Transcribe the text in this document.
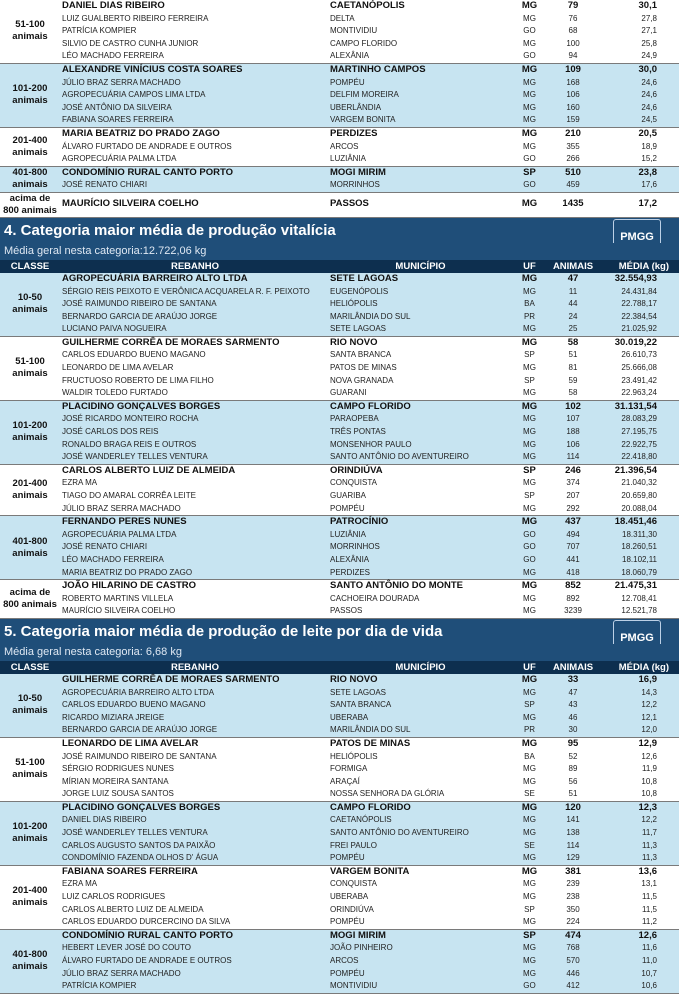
51-100
animais
DANIEL DIAS RIBEIRO	CAETANÓPOLIS	MG	79	30,1
LUIZ GUALBERTO RIBEIRO FERREIRA	DELTA	MG	76	27,8
PATRÍCIA KOMPIER	MONTIVIDIU	GO	68	27,1
SILVIO DE CASTRO CUNHA JUNIOR	CAMPO FLORIDO	MG	100	25,8
LÉO MACHADO FERREIRA	ALEXÂNIA	GO	94	24,9
101-200
animais
ALEXANDRE VINÍCIUS COSTA SOARES	MARTINHO CAMPOS	MG	109	30,0
JÚLIO BRAZ SERRA MACHADO	POMPÉU	MG	168	24,6
AGROPECUÁRIA CAMPOS LIMA LTDA	DELFIM MOREIRA	MG	106	24,6
JOSÉ ANTÔNIO DA SILVEIRA	UBERLÂNDIA	MG	160	24,6
FABIANA SOARES FERREIRA	VARGEM BONITA	MG	159	24,5
201-400
animais
MARIA BEATRIZ DO PRADO ZAGO	PERDIZES	MG	210	20,5
ÁLVARO FURTADO DE ANDRADE E OUTROS	ARCOS	MG	355	18,9
AGROPECUÁRIA PALMA LTDA	LUZIÂNIA	GO	266	15,2
401-800
animais
CONDOMÍNIO RURAL CANTO PORTO	MOGI MIRIM	SP	510	23,8
JOSÉ RENATO CHIARI	MORRINHOS	GO	459	17,6
acima de
800 animais
MAURÍCIO SILVEIRA COELHO	PASSOS	MG	1435	17,2
4. Categoria maior média de produção vitalícia	PMGG
Média geral nesta categoria:12.722,06 kg
CLASSE	REBANHO	MUNICÍPIO	UF	ANIMAIS	MÉDIA (kg)
10-50
animais
AGROPECUÁRIA BARREIRO ALTO LTDA	SETE LAGOAS	MG	47	32.554,93
SÉRGIO REIS PEIXOTO E VERÔNICA ACQUARELA R. F. PEIXOTO	EUGENÓPOLIS	MG	11	24.431,84
JOSÉ RAIMUNDO RIBEIRO DE SANTANA	HELIÓPOLIS	BA	44	22.788,17
BERNARDO GARCIA DE ARAÚJO JORGE	MARILÂNDIA DO SUL	PR	24	22.384,54
LUCIANO PAIVA NOGUEIRA	SETE LAGOAS	MG	25	21.025,92
51-100
animais
GUILHERME CORRÊA DE MORAES SARMENTO	RIO NOVO	MG	58	30.019,22
CARLOS EDUARDO BUENO MAGANO	SANTA BRANCA	SP	51	26.610,73
LEONARDO DE LIMA AVELAR	PATOS DE MINAS	MG	81	25.666,08
FRUCTUOSO ROBERTO DE LIMA FILHO	NOVA GRANADA	SP	59	23.491,42
WALDIR TOLEDO FURTADO	GUARANI	MG	58	22.963,24
101-200
animais
PLACIDINO GONÇALVES BORGES	CAMPO FLORIDO	MG	102	31.131,54
JOSÉ RICARDO MONTEIRO ROCHA	PARAOPEBA	MG	107	28.083,29
JOSÉ CARLOS DOS REIS	TRÊS PONTAS	MG	188	27.195,75
RONALDO BRAGA REIS E OUTROS	MONSENHOR PAULO	MG	106	22.922,75
JOSÉ WANDERLEY TELLES VENTURA	SANTO ANTÔNIO DO AVENTUREIRO	MG	114	22.418,80
201-400
animais
CARLOS ALBERTO LUIZ DE ALMEIDA	ORINDIÚVA	SP	246	21.396,54
EZRA MA	CONQUISTA	MG	374	21.040,32
TIAGO DO AMARAL CORRÊA LEITE	GUARIBA	SP	207	20.659,80
JÚLIO BRAZ SERRA MACHADO	POMPÉU	MG	292	20.088,04
401-800
animais
FERNANDO PERES NUNES	PATROCÍNIO	MG	437	18.451,46
AGROPECUÁRIA PALMA LTDA	LUZIÂNIA	GO	494	18.311,30
JOSÉ RENATO CHIARI	MORRINHOS	GO	707	18.260,51
LÉO MACHADO FERREIRA	ALEXÂNIA	GO	441	18.102,11
MARIA BEATRIZ DO PRADO ZAGO	PERDIZES	MG	418	18.060,79
acima de
800 animais
JOÃO HILARINO DE CASTRO	SANTO ANTÔNIO DO MONTE	MG	852	21.475,31
ROBERTO MARTINS VILLELA	CACHOEIRA DOURADA	MG	892	12.708,41
MAURÍCIO SILVEIRA COELHO	PASSOS	MG	3239	12.521,78
5. Categoria maior média de produção de leite por dia de vida	PMGG
Média geral nesta categoria: 6,68 kg
CLASSE	REBANHO	MUNICÍPIO	UF	ANIMAIS	MÉDIA (kg)
10-50
animais
GUILHERME CORRÊA DE MORAES SARMENTO	RIO NOVO	MG	33	16,9
AGROPECUÁRIA BARREIRO ALTO LTDA	SETE LAGOAS	MG	47	14,3
CARLOS EDUARDO BUENO MAGANO	SANTA BRANCA	SP	43	12,2
RICARDO MIZIARA JREIGE	UBERABA	MG	46	12,1
BERNARDO GARCIA DE ARAÚJO JORGE	MARILÂNDIA DO SUL	PR	30	12,0
51-100
animais
LEONARDO DE LIMA AVELAR	PATOS DE MINAS	MG	95	12,9
JOSÉ RAIMUNDO RIBEIRO DE SANTANA	HELIÓPOLIS	BA	52	12,6
SÉRGIO RODRIGUES NUNES	FORMIGA	MG	89	11,9
MÍRIAN MOREIRA SANTANA	ARAÇAÍ	MG	56	10,8
JORGE LUIZ SOUSA SANTOS	NOSSA SENHORA DA GLÓRIA	SE	51	10,8
101-200
animais
PLACIDINO GONÇALVES BORGES	CAMPO FLORIDO	MG	120	12,3
DANIEL DIAS RIBEIRO	CAETANÓPOLIS	MG	141	12,2
JOSÉ WANDERLEY TELLES VENTURA	SANTO ANTÔNIO DO AVENTUREIRO	MG	138	11,7
CARLOS AUGUSTO SANTOS DA PAIXÃO	FREI PAULO	SE	114	11,3
CONDOMÍNIO FAZENDA OLHOS D' ÁGUA	POMPÉU	MG	129	11,3
201-400
animais
FABIANA SOARES FERREIRA	VARGEM BONITA	MG	381	13,6
EZRA MA	CONQUISTA	MG	239	13,1
LUIZ CARLOS RODRIGUES	UBERABA	MG	238	11,5
CARLOS ALBERTO LUIZ DE ALMEIDA	ORINDIÚVA	SP	350	11,5
CARLOS EDUARDO DURCERCINO DA SILVA	POMPÉU	MG	224	11,2
401-800
animais
CONDOMÍNIO RURAL CANTO PORTO	MOGI MIRIM	SP	474	12,6
HEBERT LEVER JOSÉ DO COUTO	JOÃO PINHEIRO	MG	768	11,6
ÁLVARO FURTADO DE ANDRADE E OUTROS	ARCOS	MG	570	11,0
JÚLIO BRAZ SERRA MACHADO	POMPÉU	MG	446	10,7
PATRÍCIA KOMPIER	MONTIVIDIU	GO	412	10,6
